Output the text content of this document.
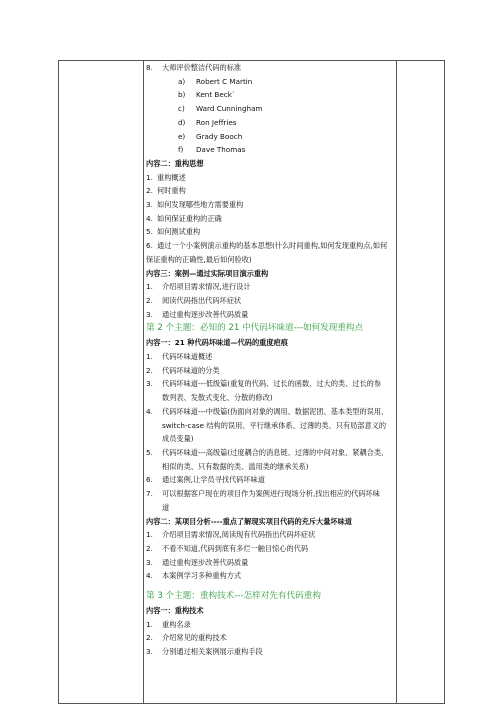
8. 大师评价整洁代码的标准
a) Robert C Martin
b) Kent Beck`
c) Ward Cunningham
d) Ron Jeffries
e) Grady Booch
f) Dave Thomas
内容二：重构思想
1. 重构概述
2. 何时重构
3. 如何发现哪些地方需要重构
4. 如何保证重构的正确
5. 如何测试重构
6. 通过一个小案例演示重构的基本思想(什么时间重构,如何发现重构点,如何
保证重构的正确性,最后如何验收)
内容三：案例—通过实际项目演示重构
1. 介绍项目需求情况,进行设计
2. 阅读代码指出代码坏症状
3. 通过重构逐步改善代码质量
第 2 个主题：必知的 21 中代码坏味道---如何发现重构点
内容一：21 种代码坏味道—代码的重度疤痕
1. 代码坏味道概述
2. 代码坏味道的分类
3. 代码坏味道---低级篇(重复的代码、过长的函数、过大的类、过长的参
数列表、发散式变化、分散的修改)
4. 代码坏味道---中级篇(伪面向对象的调用、数据泥团、基本类型的误用、
switch-case 结构的误用、平行继承体系、过薄的类、只有局部意义的
成员变量)
5. 代码坏味道---高级篇(过度耦合的消息链、过薄的中间对象、紧耦合类、
相似的类、只有数据的类、滥用类的继承关系)
6. 通过案例,让学员寻找代码坏味道
7. 可以根据客户现在的项目作为案例进行现场分析,找出相应的代码坏味
道
内容二：某项目分析----重点了解现实项目代码的充斥大量坏味道
1. 介绍项目需求情况,阅读现有代码指出代码坏症状
2. 不看不知道,代码到底有多烂一触目惊心的代码
3. 通过重构逐步改善代码质量
4. 本案例学习多种重构方式
第 3 个主题：重构技术---怎样对先有代码重构
内容一：重构技术
1. 重构名录
2. 介绍常见的重构技术
3. 分别通过相关案例展示重构手段
